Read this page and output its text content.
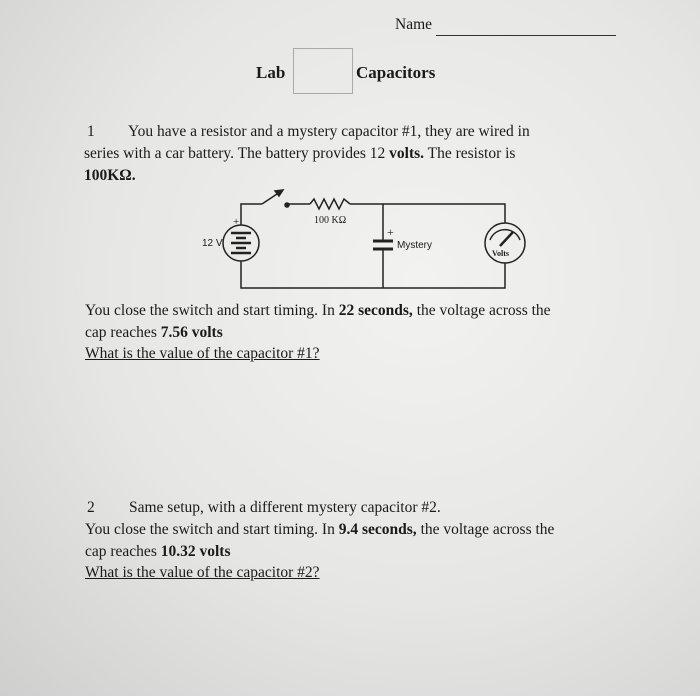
Name
Lab	Capacitors
1 You have a resistor and a mystery capacitor #1, they are wired in
series with a car battery. The battery provides 12 volts. The resistor is
100KΩ.
+
12 V
100 KΩ
+
Mystery
Volts
You close the switch and start timing. In 22 seconds, the voltage across the
cap reaches 7.56 volts
What is the value of the capacitor #1?
2 Same setup, with a different mystery capacitor #2.
You close the switch and start timing. In 9.4 seconds, the voltage across the
cap reaches 10.32 volts
What is the value of the capacitor #2?
